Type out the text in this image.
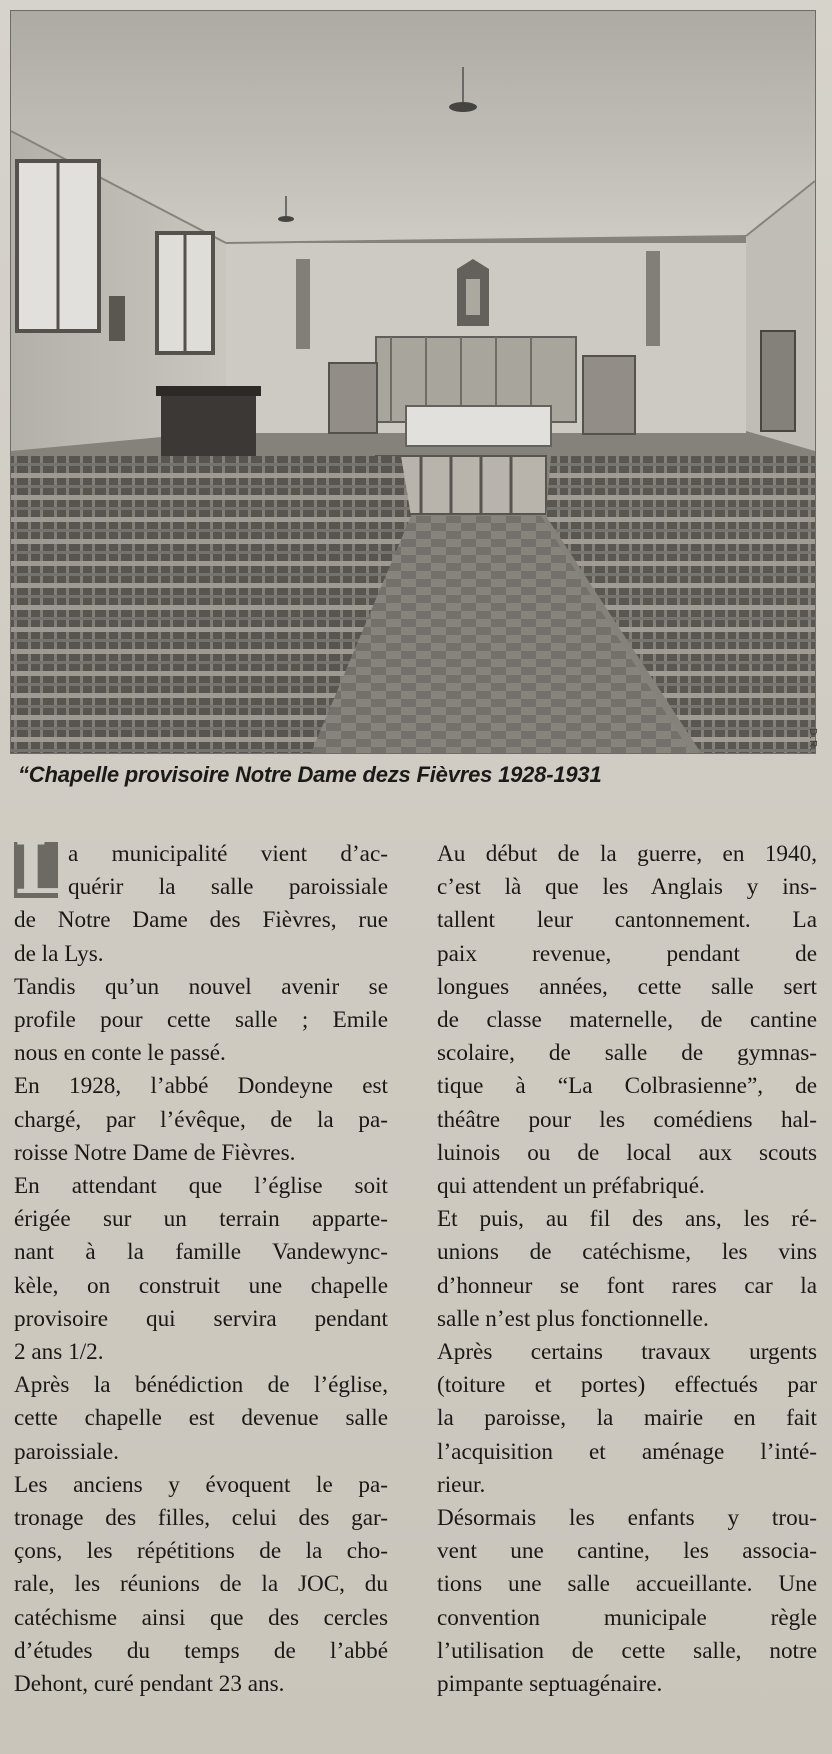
D.R.
“Chapelle provisoire Notre Dame dezs Fièvres 1928-1931
L a municipalité vient d’ac-
quérir la salle paroissiale
de Notre Dame des Fièvres, rue
de la Lys.
Tandis qu’un nouvel avenir se
profile pour cette salle ; Emile
nous en conte le passé.
En 1928, l’abbé Dondeyne est
chargé, par l’évêque, de la pa-
roisse Notre Dame de Fièvres.
En attendant que l’église soit
érigée sur un terrain apparte-
nant à la famille Vandewync-
kèle, on construit une chapelle
provisoire qui servira pendant
2 ans 1/2.
Après la bénédiction de l’église,
cette chapelle est devenue salle
paroissiale.
Les anciens y évoquent le pa-
tronage des filles, celui des gar-
çons, les répétitions de la cho-
rale, les réunions de la JOC, du
catéchisme ainsi que des cercles
d’études du temps de l’abbé
Dehont, curé pendant 23 ans.
Au début de la guerre, en 1940,
c’est là que les Anglais y ins-
tallent leur cantonnement. La
paix revenue, pendant de
longues années, cette salle sert
de classe maternelle, de cantine
scolaire, de salle de gymnas-
tique à “La Colbrasienne”, de
théâtre pour les comédiens hal-
luinois ou de local aux scouts
qui attendent un préfabriqué.
Et puis, au fil des ans, les ré-
unions de catéchisme, les vins
d’honneur se font rares car la
salle n’est plus fonctionnelle.
Après certains travaux urgents
(toiture et portes) effectués par
la paroisse, la mairie en fait
l’acquisition et aménage l’inté-
rieur.
Désormais les enfants y trou-
vent une cantine, les associa-
tions une salle accueillante. Une
convention municipale règle
l’utilisation de cette salle, notre
pimpante septuagénaire.
